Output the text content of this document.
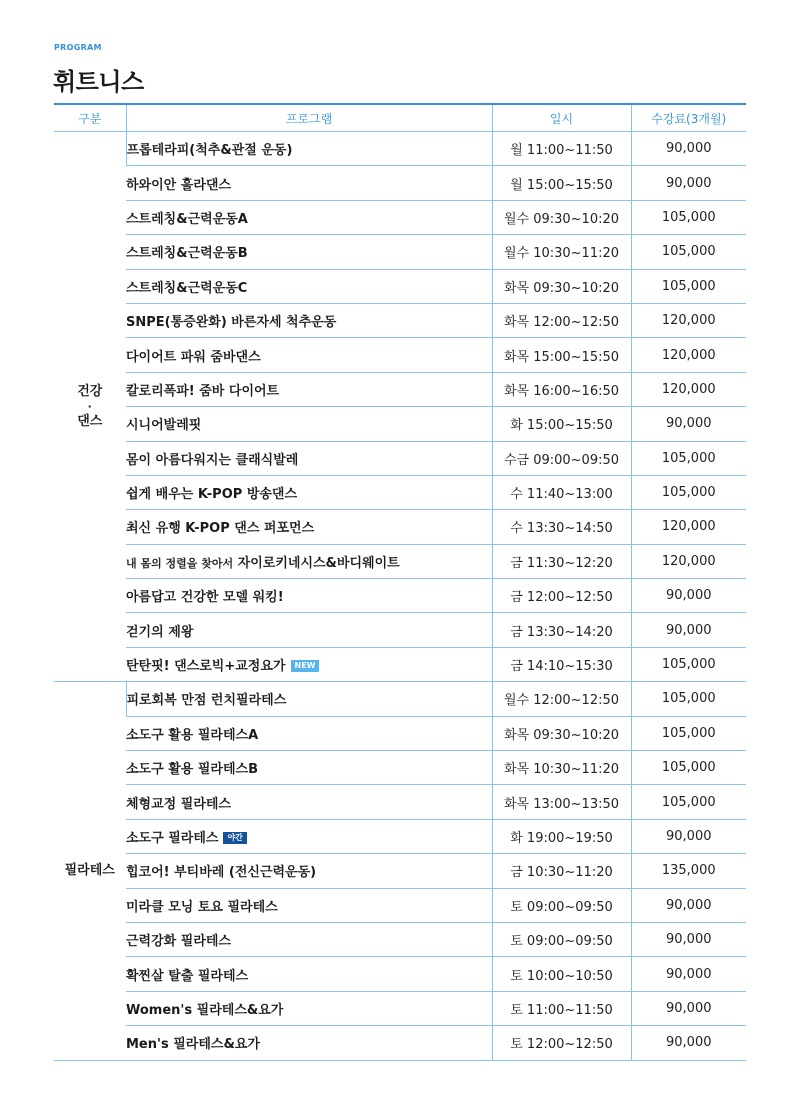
PROGRAM
휘트니스
구분	프로그램	일시	수강료(3개월)

건강
·
댄스	프롭테라피(척추&관절 운동)	월 11:00~11:50	90,000
	하와이안 훌라댄스	월 15:00~15:50	90,000
	스트레칭&근력운동A	월수 09:30~10:20	105,000
	스트레칭&근력운동B	월수 10:30~11:20	105,000
	스트레칭&근력운동C	화목 09:30~10:20	105,000
	SNPE(통증완화) 바른자세 척추운동	화목 12:00~12:50	120,000
	다이어트 파워 줌바댄스	화목 15:00~15:50	120,000
	칼로리폭파! 줌바 다이어트	화목 16:00~16:50	120,000
	시니어발레핏	화 15:00~15:50	90,000
	몸이 아름다워지는 클래식발레	수금 09:00~09:50	105,000
	쉽게 배우는 K-POP 방송댄스	수 11:40~13:00	105,000
	최신 유행 K-POP 댄스 퍼포먼스	수 13:30~14:50	120,000
	내 몸의 정렬을 찾아서 자이로키네시스&바디웨이트	금 11:30~12:20	120,000
	아름답고 건강한 모델 워킹!	금 12:00~12:50	90,000
	걷기의 제왕	금 13:30~14:20	90,000
	탄탄핏! 댄스로빅+교정요가 NEW	금 14:10~15:30	105,000

필라테스	피로회복 만점 런치필라테스	월수 12:00~12:50	105,000
	소도구 활용 필라테스A	화목 09:30~10:20	105,000
	소도구 활용 필라테스B	화목 10:30~11:20	105,000
	체형교정 필라테스	화목 13:00~13:50	105,000
	소도구 필라테스 야간	화 19:00~19:50	90,000
	힙코어! 부티바레 (전신근력운동)	금 10:30~11:20	135,000
	미라클 모닝 토요 필라테스	토 09:00~09:50	90,000
	근력강화 필라테스	토 09:00~09:50	90,000
	확찐살 탈출 필라테스	토 10:00~10:50	90,000
	Women's 필라테스&요가	토 11:00~11:50	90,000
	Men's 필라테스&요가	토 12:00~12:50	90,000
